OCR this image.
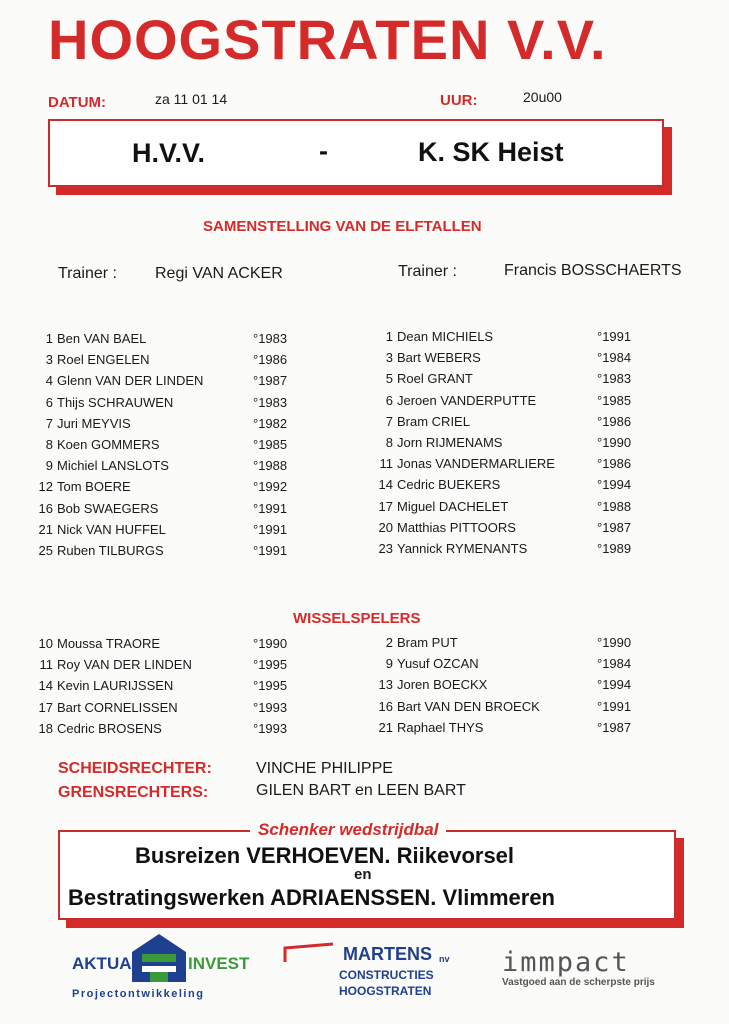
HOOGSTRATEN V.V.
DATUM:	za 11 01 14	UUR:	20u00
H.V.V.	-	K. SK Heist
SAMENSTELLING VAN DE ELFTALLEN
Trainer : Regi VAN ACKER	Trainer :	Francis BOSSCHAERTS
1 Ben VAN BAEL	°1983
3 Roel ENGELEN	°1986
4 Glenn VAN DER LINDEN	°1987
6 Thijs SCHRAUWEN	°1983
7 Juri MEYVIS	°1982
8 Koen GOMMERS	°1985
9 Michiel LANSLOTS	°1988
12 Tom BOERE	°1992
16 Bob SWAEGERS	°1991
21 Nick VAN HUFFEL	°1991
25 Ruben TILBURGS	°1991
1 Dean MICHIELS	°1991
3 Bart WEBERS	°1984
5 Roel GRANT	°1983
6 Jeroen VANDERPUTTE	°1985
7 Bram CRIEL	°1986
8 Jorn RIJMENAMS	°1990
11 Jonas VANDERMARLIERE	°1986
14 Cedric BUEKERS	°1994
17 Miguel DACHELET	°1988
20 Matthias PITTOORS	°1987
23 Yannick RYMENANTS	°1989
WISSELSPELERS
10 Moussa TRAORE	°1990
11 Roy VAN DER LINDEN	°1995
14 Kevin LAURIJSSEN	°1995
17 Bart CORNELISSEN	°1993
18 Cedric BROSENS	°1993
2 Bram PUT	°1990
9 Yusuf OZCAN	°1984
13 Joren BOECKX	°1994
16 Bart VAN DEN BROECK	°1991
21 Raphael THYS	°1987
SCHEIDSRECHTER:	VINCHE PHILIPPE
GRENSRECHTERS:	GILEN BART en LEEN BART
Schenker wedstrijdbal
Busreizen VERHOEVEN. Riikevorsel
en
Bestratingswerken ADRIAENSSEN. Vlimmeren
AKTUA	INVEST
Projectontwikkeling
MARTENS nv
CONSTRUCTIES
HOOGSTRATEN
immpact
Vastgoed aan de scherpste prijs
